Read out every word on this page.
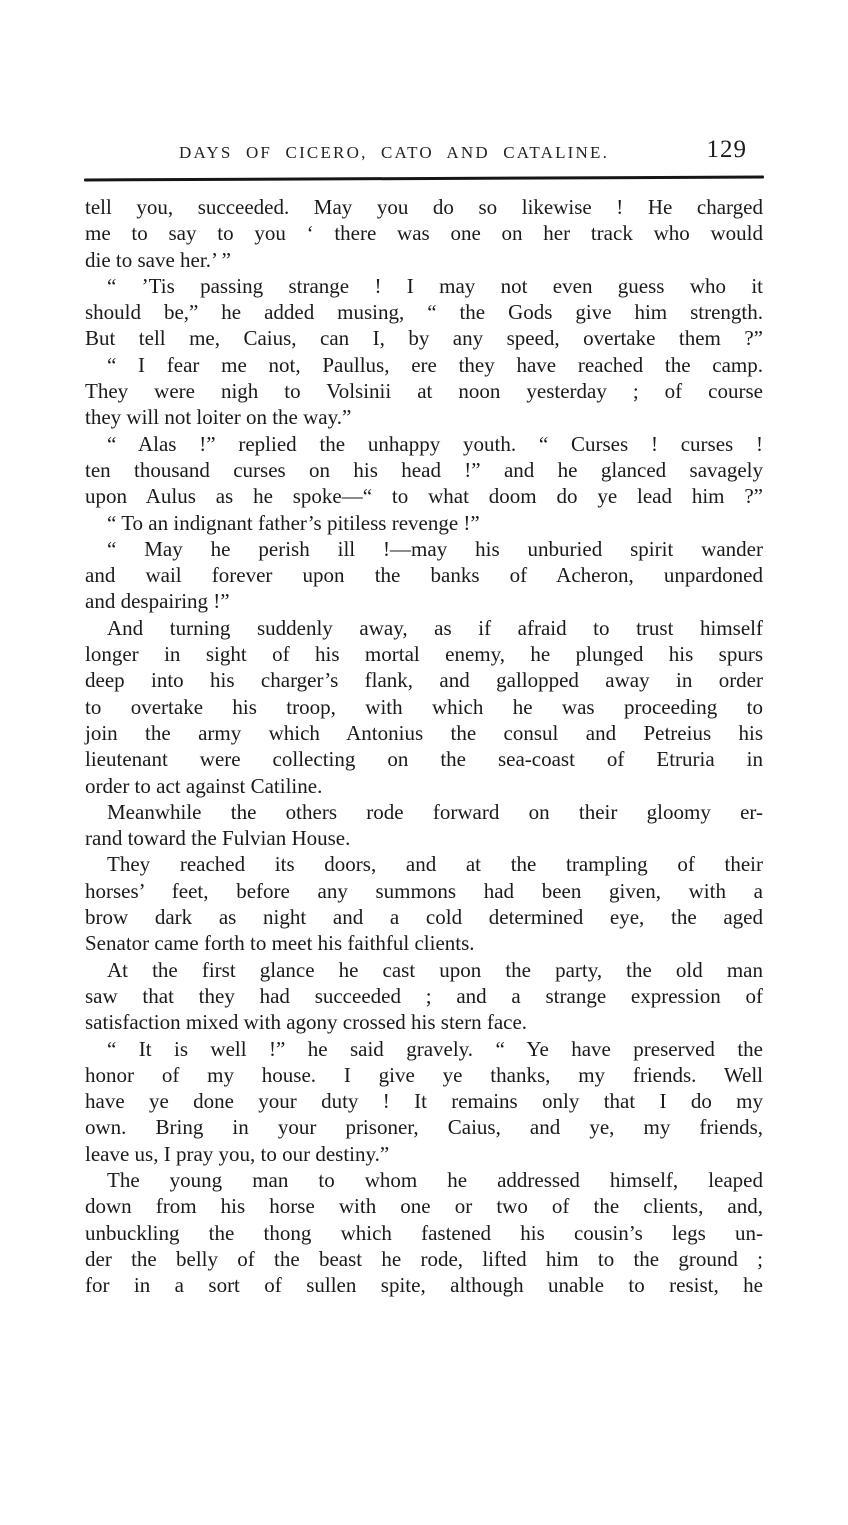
DAYS OF CICERO, CATO AND CATALINE.	129
tell you, succeeded. May you do so likewise ! He charged
me to say to you ‘ there was one on her track who would
die to save her.’ ”
“ ’Tis passing strange ! I may not even guess who it
should be,” he added musing, “ the Gods give him strength.
But tell me, Caius, can I, by any speed, overtake them ?”
“ I fear me not, Paullus, ere they have reached the camp.
They were nigh to Volsinii at noon yesterday ; of course
they will not loiter on the way.”
“ Alas !” replied the unhappy youth. “ Curses ! curses !
ten thousand curses on his head !” and he glanced savagely
upon Aulus as he spoke—“ to what doom do ye lead him ?”
“ To an indignant father’s pitiless revenge !”
“ May he perish ill !—may his unburied spirit wander
and wail forever upon the banks of Acheron, unpardoned
and despairing !”
And turning suddenly away, as if afraid to trust himself
longer in sight of his mortal enemy, he plunged his spurs
deep into his charger’s flank, and gallopped away in order
to overtake his troop, with which he was proceeding to
join the army which Antonius the consul and Petreius his
lieutenant were collecting on the sea-coast of Etruria in
order to act against Catiline.
Meanwhile the others rode forward on their gloomy er-
rand toward the Fulvian House.
They reached its doors, and at the trampling of their
horses’ feet, before any summons had been given, with a
brow dark as night and a cold determined eye, the aged
Senator came forth to meet his faithful clients.
At the first glance he cast upon the party, the old man
saw that they had succeeded ; and a strange expression of
satisfaction mixed with agony crossed his stern face.
“ It is well !” he said gravely. “ Ye have preserved the
honor of my house. I give ye thanks, my friends. Well
have ye done your duty ! It remains only that I do my
own. Bring in your prisoner, Caius, and ye, my friends,
leave us, I pray you, to our destiny.”
The young man to whom he addressed himself, leaped
down from his horse with one or two of the clients, and,
unbuckling the thong which fastened his cousin’s legs un-
der the belly of the beast he rode, lifted him to the ground ;
for in a sort of sullen spite, although unable to resist, he
